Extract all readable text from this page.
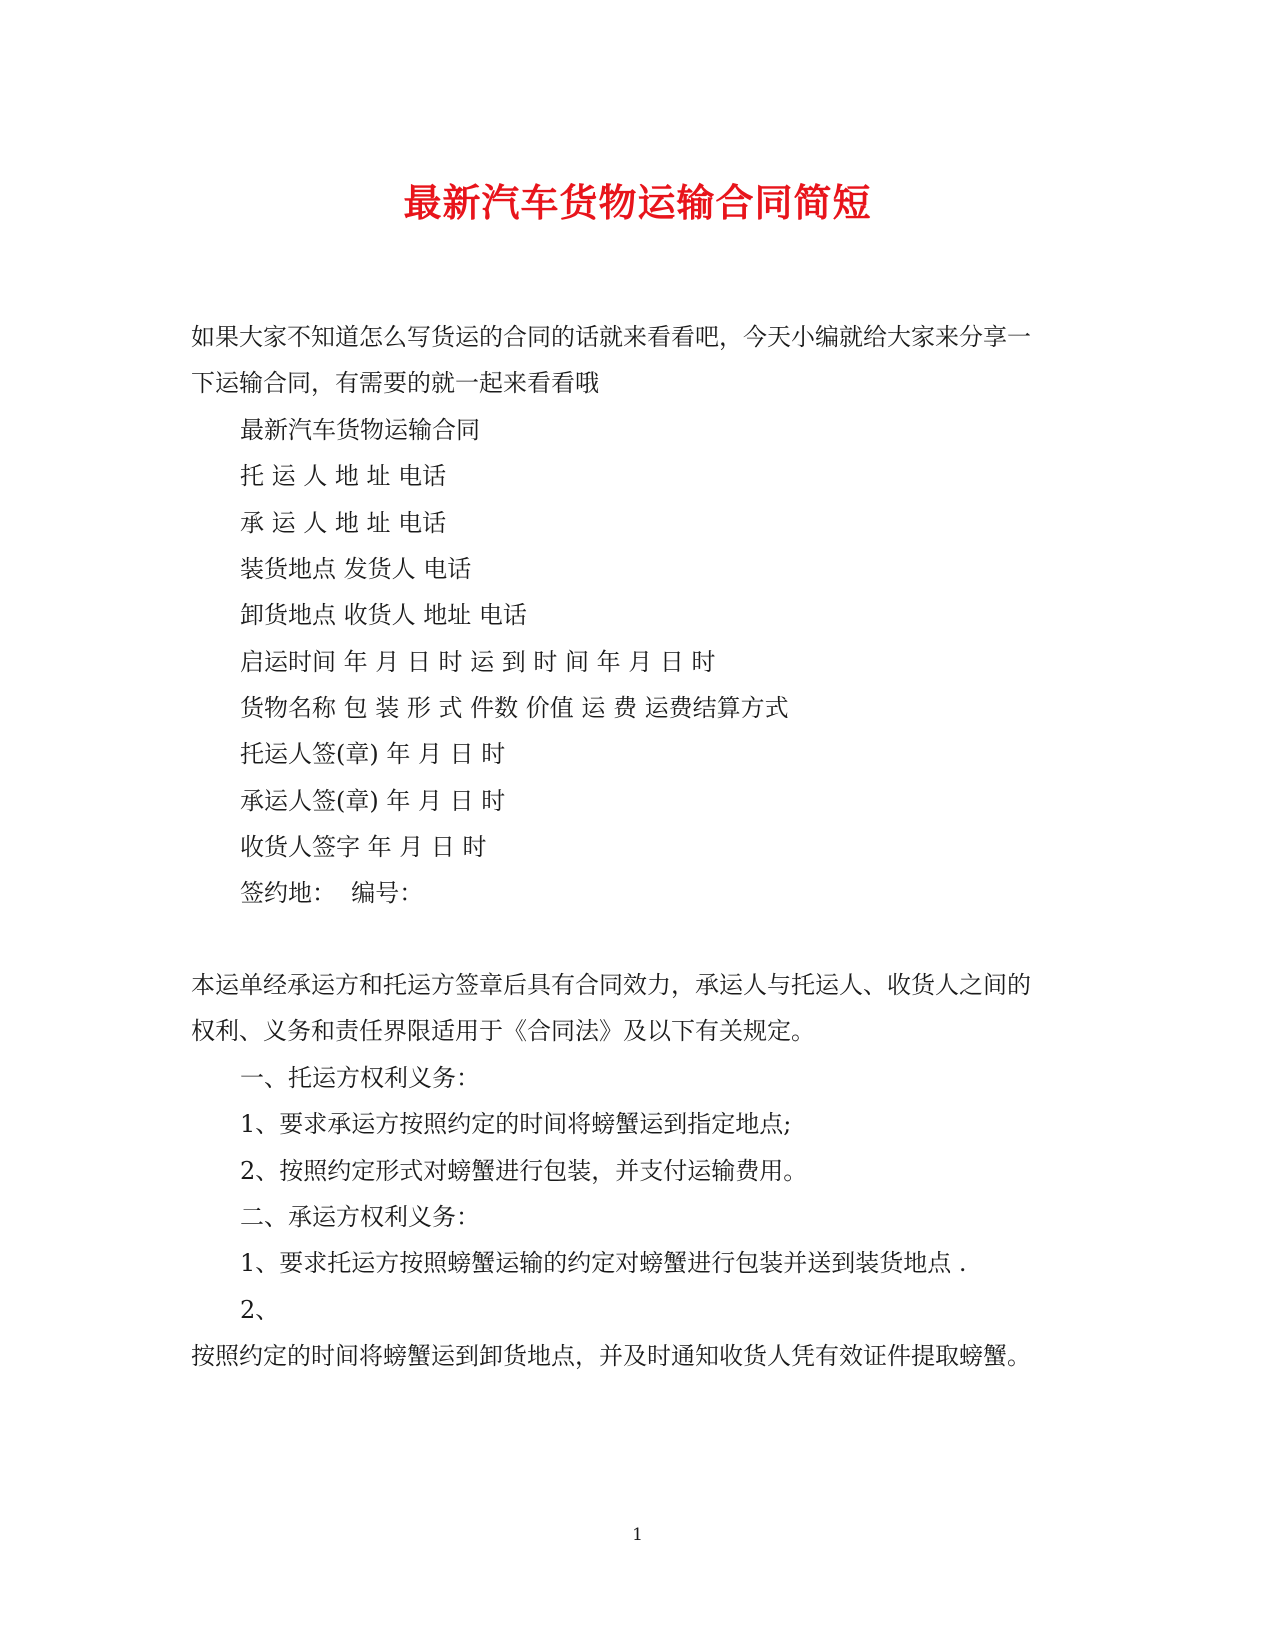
最新汽车货物运输合同简短
如果大家不知道怎么写货运的合同的话就来看看吧，今天小编就给大家来分享一
下运输合同，有需要的就一起来看看哦
最新汽车货物运输合同
托 运 人 地 址 电话
承 运 人 地 址 电话
装货地点 发货人 电话
卸货地点 收货人 地址 电话
启运时间 年 月 日 时 运 到 时 间 年 月 日 时
货物名称 包 装 形 式 件数 价值 运 费 运费结算方式
托运人签(章) 年 月 日 时
承运人签(章) 年 月 日 时
收货人签字 年 月 日 时
签约地：  编号：
本运单经承运方和托运方签章后具有合同效力，承运人与托运人、收货人之间的
权利、义务和责任界限适用于《合同法》及以下有关规定。
一、托运方权利义务：
1、要求承运方按照约定的时间将螃蟹运到指定地点;
2、按照约定形式对螃蟹进行包装，并支付运输费用。
二、承运方权利义务：
1、要求托运方按照螃蟹运输的约定对螃蟹进行包装并送到装货地点 .
2、
按照约定的时间将螃蟹运到卸货地点，并及时通知收货人凭有效证件提取螃蟹。
1
